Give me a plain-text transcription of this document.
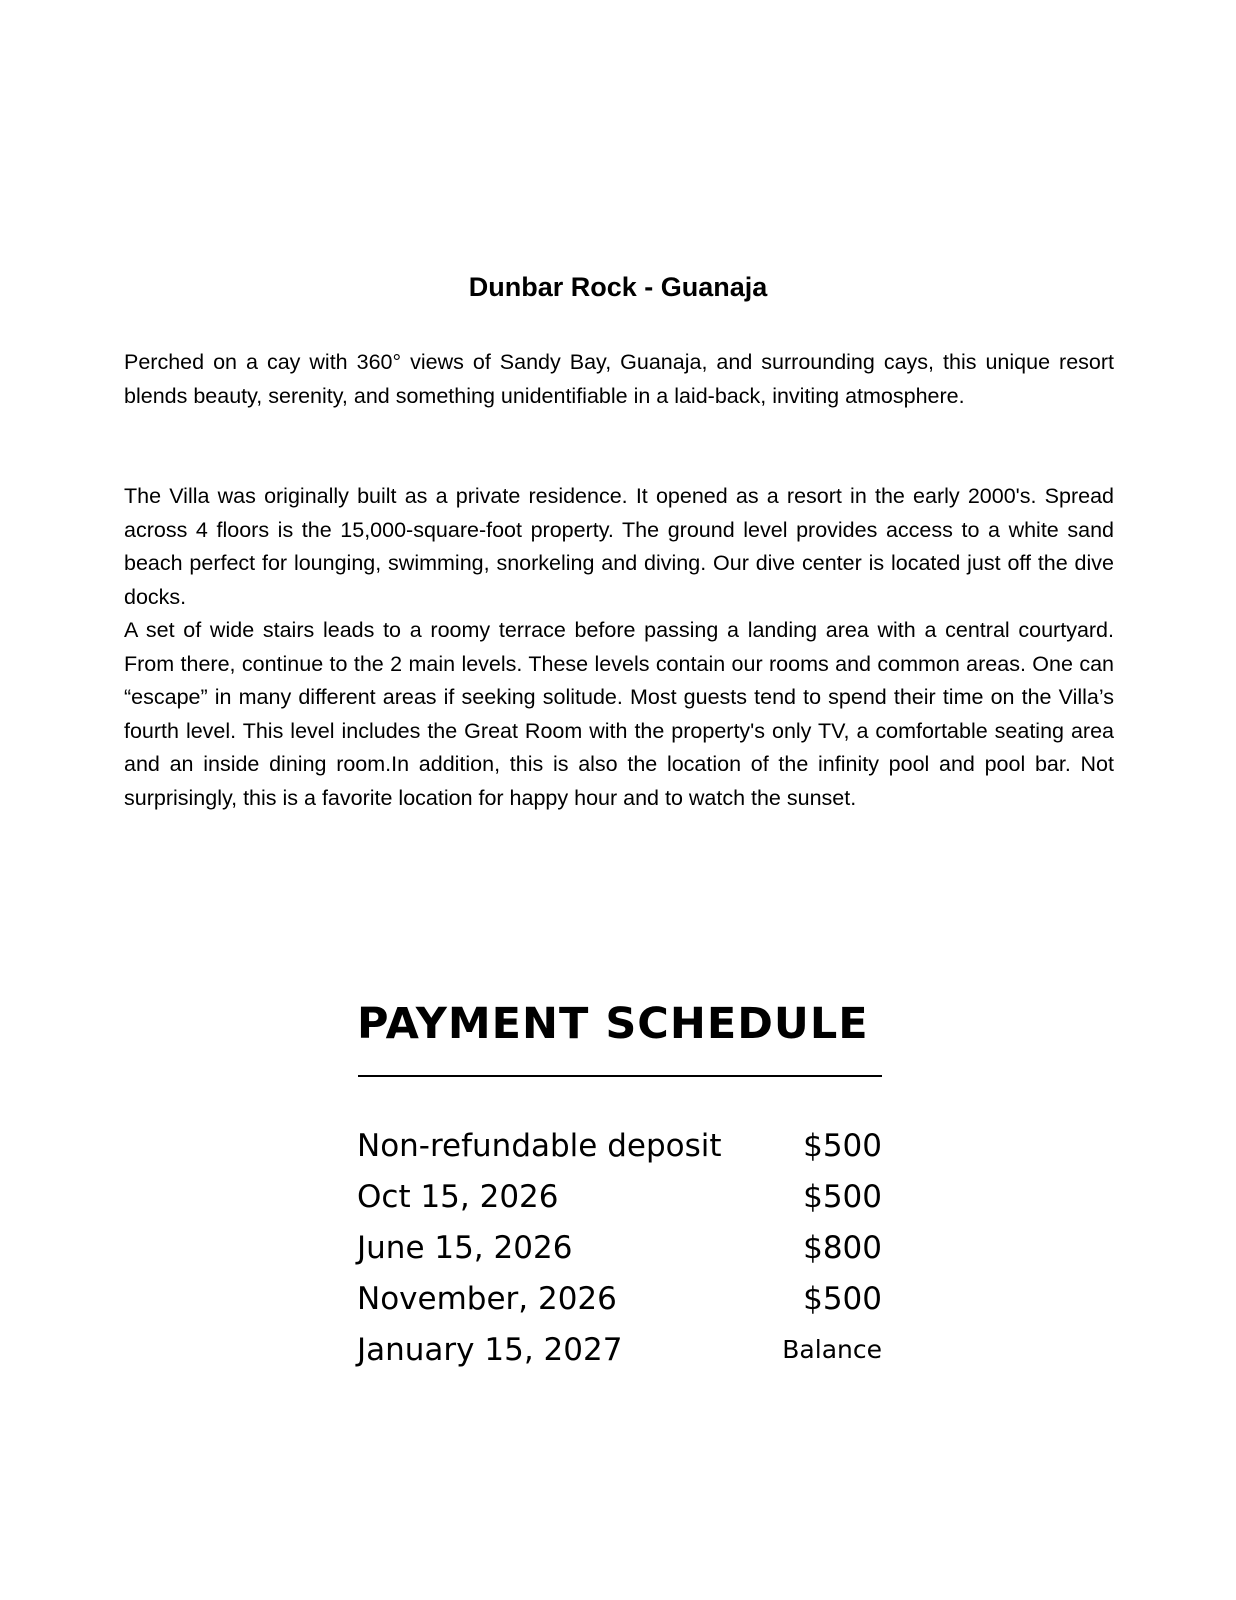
Dunbar Rock - Guanaja

Perched on a cay with 360° views of Sandy Bay, Guanaja, and surrounding cays, this unique resort blends beauty, serenity, and something unidentifiable in a laid-back, inviting atmosphere.

The Villa was originally built as a private residence. It opened as a resort in the early 2000's. Spread across 4 floors is the 15,000-square-foot property. The ground level provides access to a white sand beach perfect for lounging, swimming, snorkeling and diving. Our dive center is located just off the dive docks.

A set of wide stairs leads to a roomy terrace before passing a landing area with a central courtyard. From there, continue to the 2 main levels. These levels contain our rooms and common areas. One can “escape” in many different areas if seeking solitude. Most guests tend to spend their time on the Villa’s fourth level. This level includes the Great Room with the property's only TV, a comfortable seating area and an inside dining room.In addition, this is also the location of the infinity pool and pool bar. Not surprisingly, this is a favorite location for happy hour and to watch the sunset.

PAYMENT SCHEDULE
Non-refundable deposit	$500
Oct 15, 2026	$500
June 15, 2026	$800
November, 2026	$500
January 15, 2027	Balance
